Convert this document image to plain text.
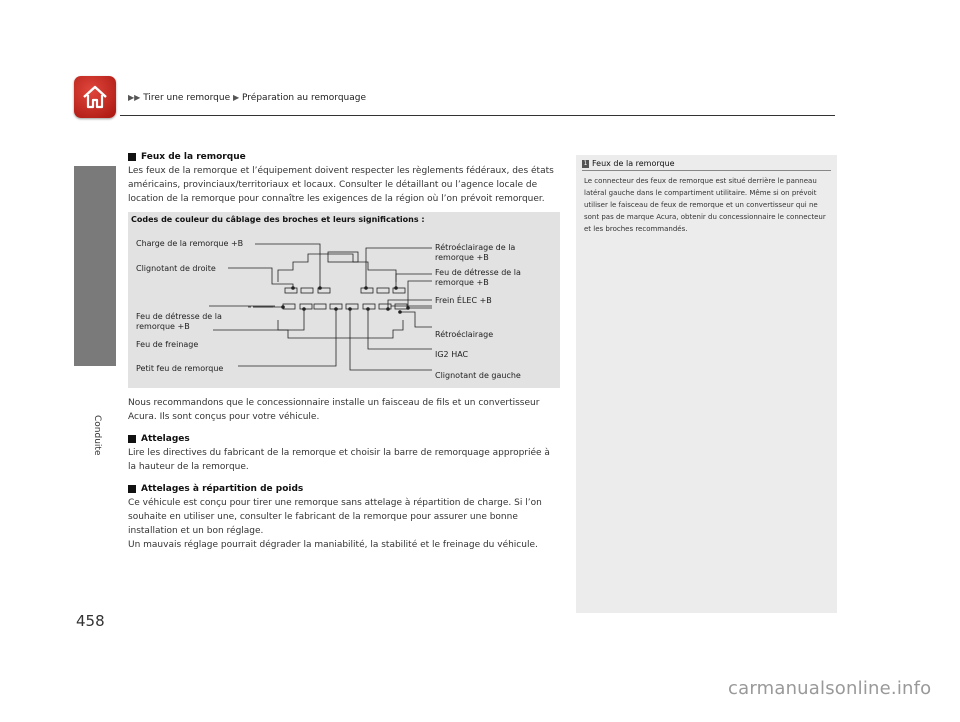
▶▶ Tirer une remorque ▶ Préparation au remorquage
Conduite
458
Feux de la remorque

Les feux de la remorque et l’équipement doivent respecter les règlements fédéraux, des états américains, provinciaux/territoriaux et locaux. Consulter le détaillant ou l’agence locale de location de la remorque pour connaître les exigences de la région où l’on prévoit remorquer.

Codes de couleur du câblage des broches et leurs significations :
Charge de la remorque +B
Clignotant de droite
Feu de détresse de la
remorque +B
Feu de freinage
Petit feu de remorque
Rétroéclairage de la
remorque +B
Feu de détresse de la
remorque +B
Frein ÉLEC +B
Rétroéclairage
IG2 HAC
Clignotant de gauche

Nous recommandons que le concessionnaire installe un faisceau de fils et un convertisseur Acura. Ils sont conçus pour votre véhicule.

Attelages

Lire les directives du fabricant de la remorque et choisir la barre de remorquage appropriée à la hauteur de la remorque.

Attelages à répartition de poids

Ce véhicule est conçu pour tirer une remorque sans attelage à répartition de charge. Si l’on souhaite en utiliser une, consulter le fabricant de la remorque pour assurer une bonne installation et un bon réglage.

Un mauvais réglage pourrait dégrader la maniabilité, la stabilité et le freinage du véhicule.

1 Feux de la remorque
Le connecteur des feux de remorque est situé derrière le panneau latéral gauche dans le compartiment utilitaire. Même si on prévoit utiliser le faisceau de feux de remorque et un convertisseur qui ne sont pas de marque Acura, obtenir du concessionnaire le connecteur et les broches recommandés.
carmanualsonline.info
